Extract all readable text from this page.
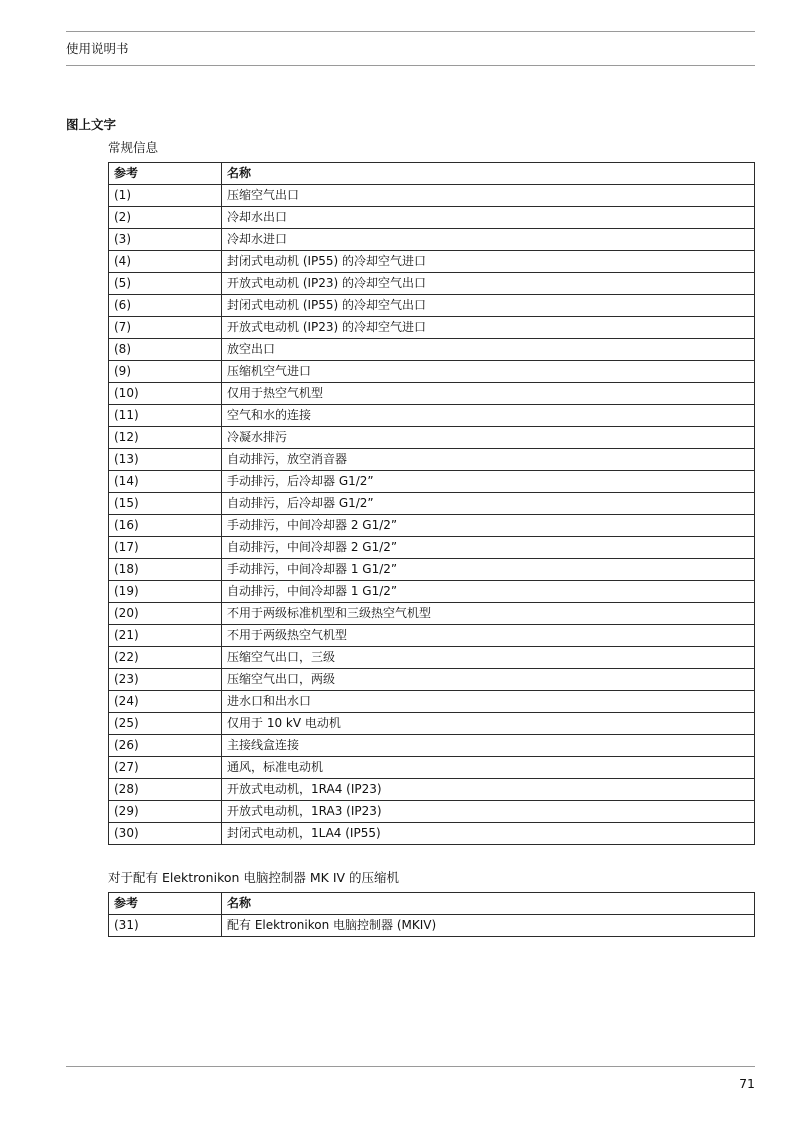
使用说明书
图上文字
常规信息
参考	名称
(1)	压缩空气出口
(2)	冷却水出口
(3)	冷却水进口
(4)	封闭式电动机 (IP55) 的冷却空气进口
(5)	开放式电动机 (IP23) 的冷却空气出口
(6)	封闭式电动机 (IP55) 的冷却空气出口
(7)	开放式电动机 (IP23) 的冷却空气进口
(8)	放空出口
(9)	压缩机空气进口
(10)	仅用于热空气机型
(11)	空气和水的连接
(12)	冷凝水排污
(13)	自动排污，放空消音器
(14)	手动排污，后冷却器 G1/2”
(15)	自动排污，后冷却器 G1/2”
(16)	手动排污，中间冷却器 2 G1/2”
(17)	自动排污，中间冷却器 2 G1/2”
(18)	手动排污，中间冷却器 1 G1/2”
(19)	自动排污，中间冷却器 1 G1/2”
(20)	不用于两级标准机型和三级热空气机型
(21)	不用于两级热空气机型
(22)	压缩空气出口，三级
(23)	压缩空气出口，两级
(24)	进水口和出水口
(25)	仅用于 10 kV 电动机
(26)	主接线盒连接
(27)	通风，标准电动机
(28)	开放式电动机，1RA4 (IP23)
(29)	开放式电动机，1RA3 (IP23)
(30)	封闭式电动机，1LA4 (IP55)
对于配有 Elektronikon 电脑控制器 MK IV 的压缩机
参考	名称
(31)	配有 Elektronikon 电脑控制器 (MKIV)
71
